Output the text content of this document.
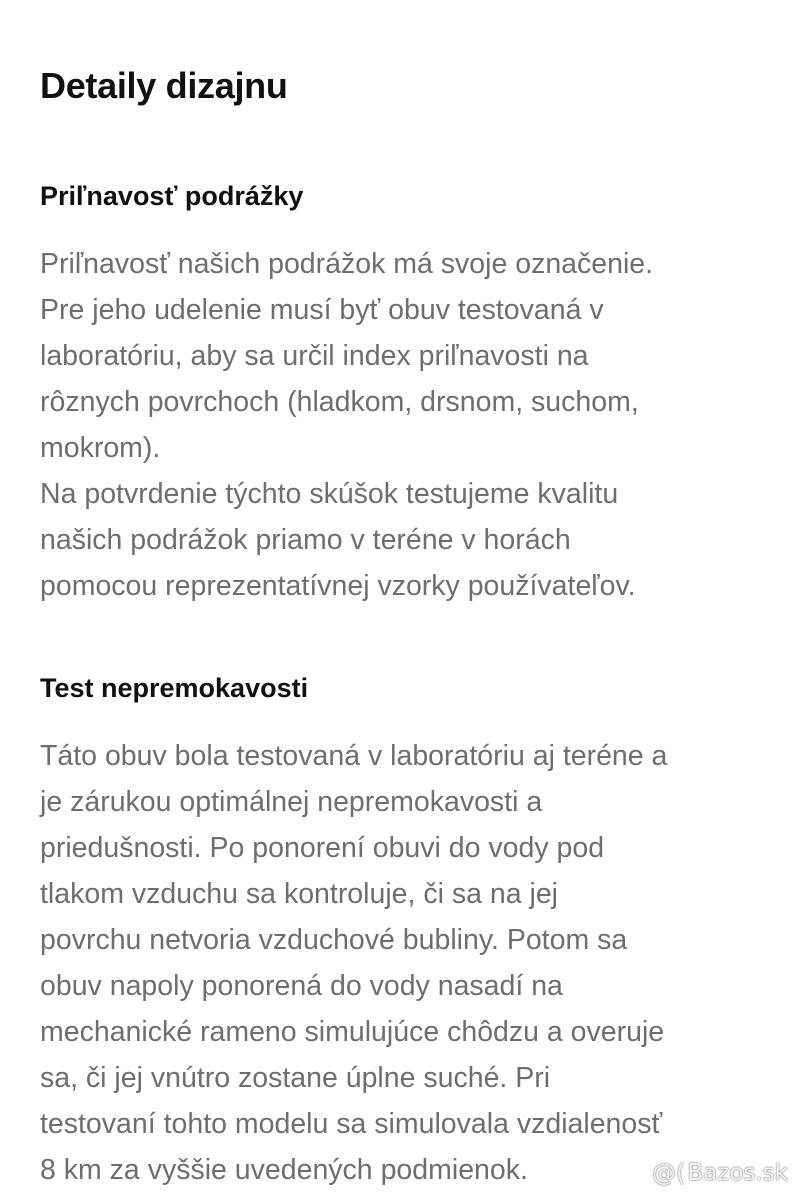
Detaily dizajnu
Priľnavosť podrážky
Priľnavosť našich podrážok má svoje označenie.
Pre jeho udelenie musí byť obuv testovaná v
laboratóriu, aby sa určil index priľnavosti na
rôznych povrchoch (hladkom, drsnom, suchom,
mokrom).
Na potvrdenie týchto skúšok testujeme kvalitu
našich podrážok priamo v teréne v horách
pomocou reprezentatívnej vzorky používateľov.
Test nepremokavosti
Táto obuv bola testovaná v laboratóriu aj teréne a
je zárukou optimálnej nepremokavosti a
priedušnosti. Po ponorení obuvi do vody pod
tlakom vzduchu sa kontroluje, či sa na jej
povrchu netvoria vzduchové bubliny. Potom sa
obuv napoly ponorená do vody nasadí na
mechanické rameno simulujúce chôdzu a overuje
sa, či jej vnútro zostane úplne suché. Pri
testovaní tohto modelu sa simulovala vzdialenosť
8 km za vyššie uvedených podmienok.	@( Bazos.sk
